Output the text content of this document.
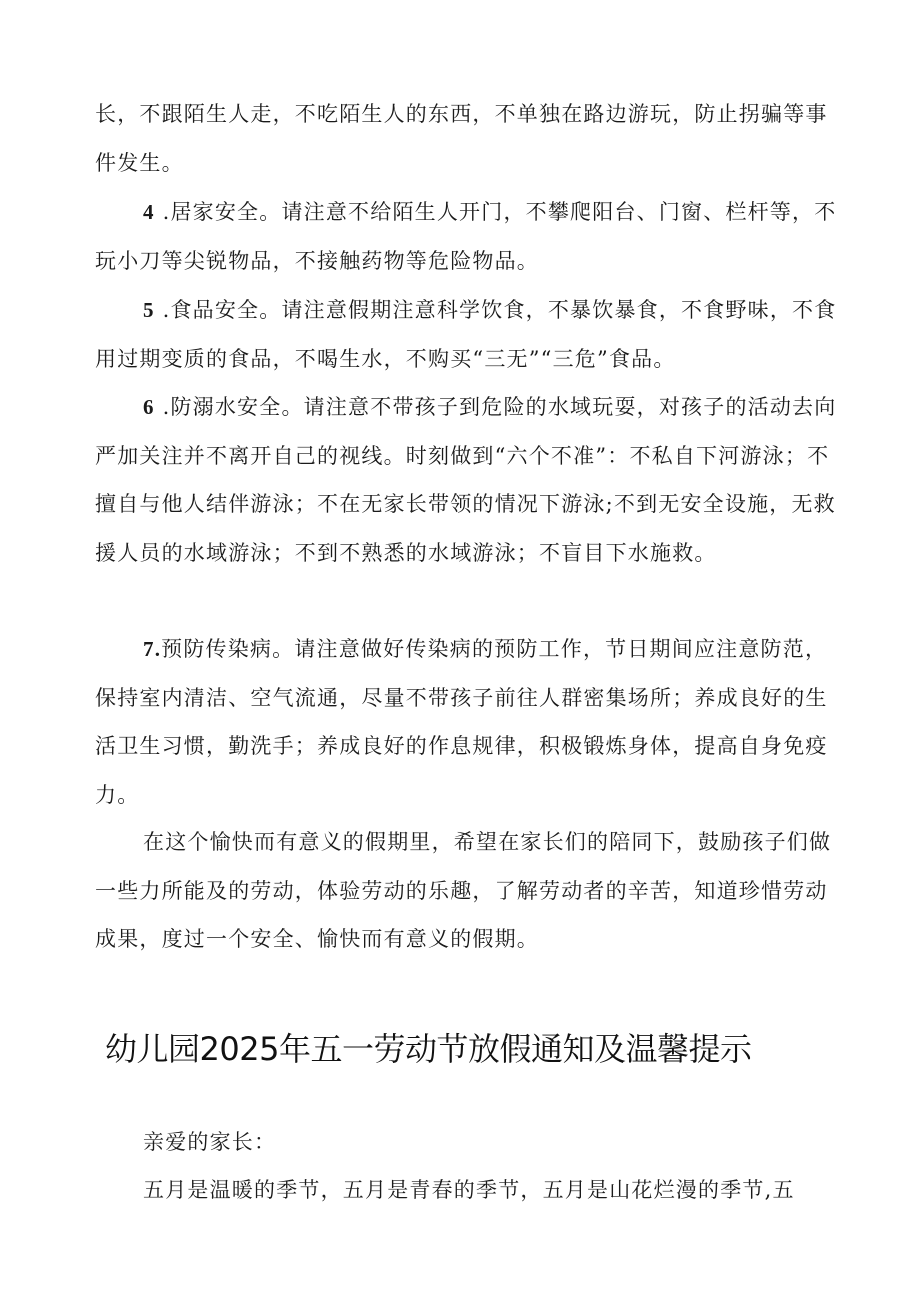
长，不跟陌生人走，不吃陌生人的东西，不单独在路边游玩，防止拐骗等事件发生。

4 .居家安全。请注意不给陌生人开门，不攀爬阳台、门窗、栏杆等，不玩小刀等尖锐物品，不接触药物等危险物品。

5 .食品安全。请注意假期注意科学饮食，不暴饮暴食，不食野味，不食用过期变质的食品，不喝生水，不购买“三无”“三危”食品。

6 .防溺水安全。请注意不带孩子到危险的水域玩耍，对孩子的活动去向严加关注并不离开自己的视线。时刻做到“六个不准”：不私自下河游泳；不擅自与他人结伴游泳；不在无家长带领的情况下游泳;不到无安全设施，无救援人员的水域游泳；不到不熟悉的水域游泳；不盲目下水施救。

7.预防传染病。请注意做好传染病的预防工作，节日期间应注意防范，保持室内清洁、空气流通，尽量不带孩子前往人群密集场所；养成良好的生活卫生习惯，勤洗手；养成良好的作息规律，积极锻炼身体，提高自身免疫力。

在这个愉快而有意义的假期里，希望在家长们的陪同下，鼓励孩子们做一些力所能及的劳动，体验劳动的乐趣，了解劳动者的辛苦，知道珍惜劳动成果，度过一个安全、愉快而有意义的假期。

幼儿园2025年五一劳动节放假通知及温馨提示

亲爱的家长：

五月是温暖的季节，五月是青春的季节，五月是山花烂漫的季节,五
